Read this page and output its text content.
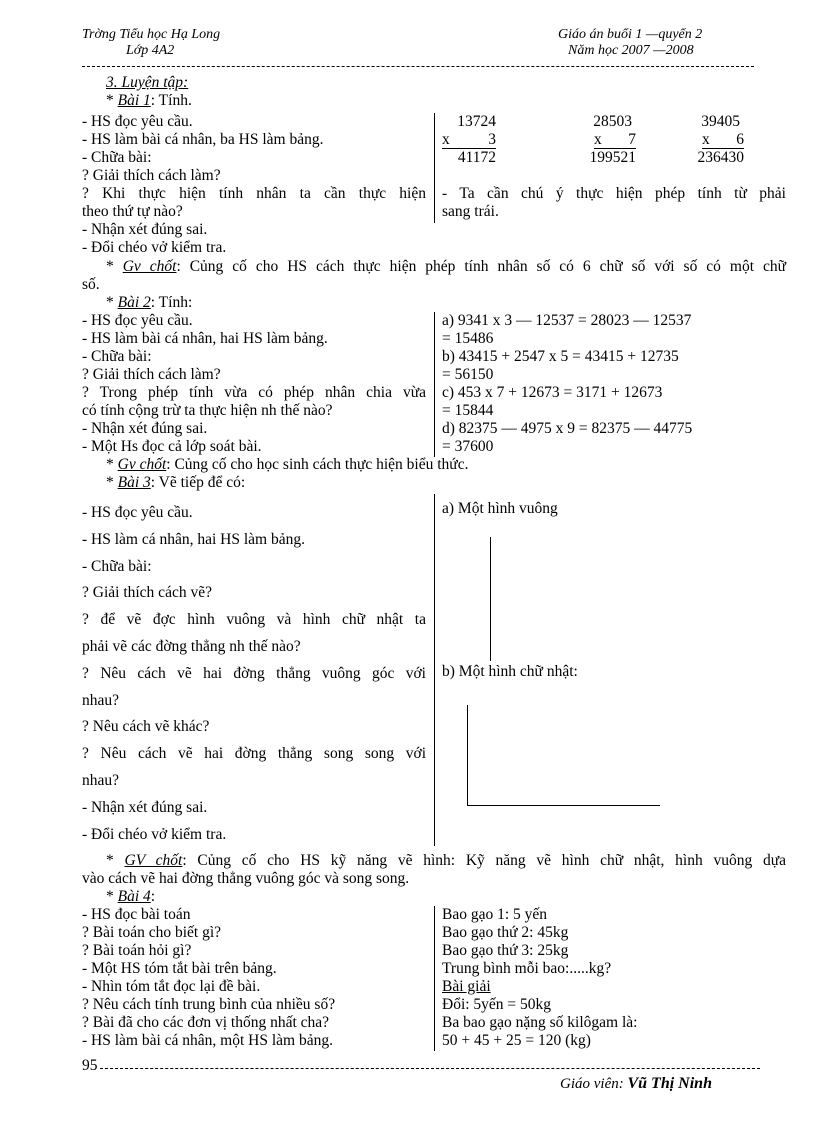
Trờng Tiểu học Hạ Long
Lớp 4A2
Giáo án buổi 1 —quyển 2
Năm học 2007 —2008
3. Luyện tập:
* Bài 1: Tính.
- HS đọc yêu cầu.
- HS làm bài cá nhân, ba HS làm bảng.
- Chữa bài:
? Giải thích cách làm?
? Khi thực hiện tính nhân ta cần thực hiện
theo thứ tự nào?
- Nhận xét đúng sai.
- Đổi chéo vở kiểm tra.
13724
x 3
41172
28503
x 7
199521
39405
x 6
236430
- Ta cần chú ý thực hiện phép tính từ phải
sang trái.
* Gv chốt: Củng cố cho HS cách thực hiện phép tính nhân số có 6 chữ số với số có một chữ
số.
* Bài 2: Tính:
- HS đọc yêu cầu.
- HS làm bài cá nhân, hai HS làm bảng.
- Chữa bài:
? Giải thích cách làm?
? Trong phép tính vừa có phép nhân chia vừa
có tính cộng trừ ta thực hiện nh thế nào?
- Nhận xét đúng sai.
- Một Hs đọc cả lớp soát bài.
a) 9341 x 3 — 12537 = 28023 — 12537
= 15486
b) 43415 + 2547 x 5 = 43415 + 12735
= 56150
c) 453 x 7 + 12673 = 3171 + 12673
= 15844
d) 82375 — 4975 x 9 = 82375 — 44775
= 37600
* Gv chốt: Củng cố cho học sinh cách thực hiện biểu thức.
* Bài 3: Vẽ tiếp để có:
- HS đọc yêu cầu.
- HS làm cá nhân, hai HS làm bảng.
- Chữa bài:
? Giải thích cách vẽ?
? để vẽ đợc hình vuông và hình chữ nhật ta
phải vẽ các đờng thẳng nh thế nào?
? Nêu cách vẽ hai đờng thẳng vuông góc với
nhau?
? Nêu cách vẽ khác?
? Nêu cách vẽ hai đờng thẳng song song với
nhau?
- Nhận xét đúng sai.
- Đổi chéo vở kiểm tra.
a) Một hình vuông
b) Một hình chữ nhật:
* GV chốt: Củng cố cho HS kỹ năng vẽ hình: Kỹ năng vẽ hình chữ nhật, hình vuông dựa
vào cách vẽ hai đờng thẳng vuông góc và song song.
* Bài 4:
- HS đọc bài toán
? Bài toán cho biết gì?
? Bài toán hỏi gì?
- Một HS tóm tắt bài trên bảng.
- Nhìn tóm tắt đọc lại đề bài.
? Nêu cách tính trung bình của nhiều số?
? Bài đã cho các đơn vị thống nhất cha?
- HS làm bài cá nhân, một HS làm bảng.
Bao gạo 1: 5 yến
Bao gạo thứ 2: 45kg
Bao gạo thứ 3: 25kg
Trung bình mỗi bao:.....kg?
Bài giải
Đổi: 5yến = 50kg
Ba bao gạo nặng số kilôgam là:
50 + 45 + 25 = 120 (kg)
95
Giáo viên: Vũ Thị Ninh
